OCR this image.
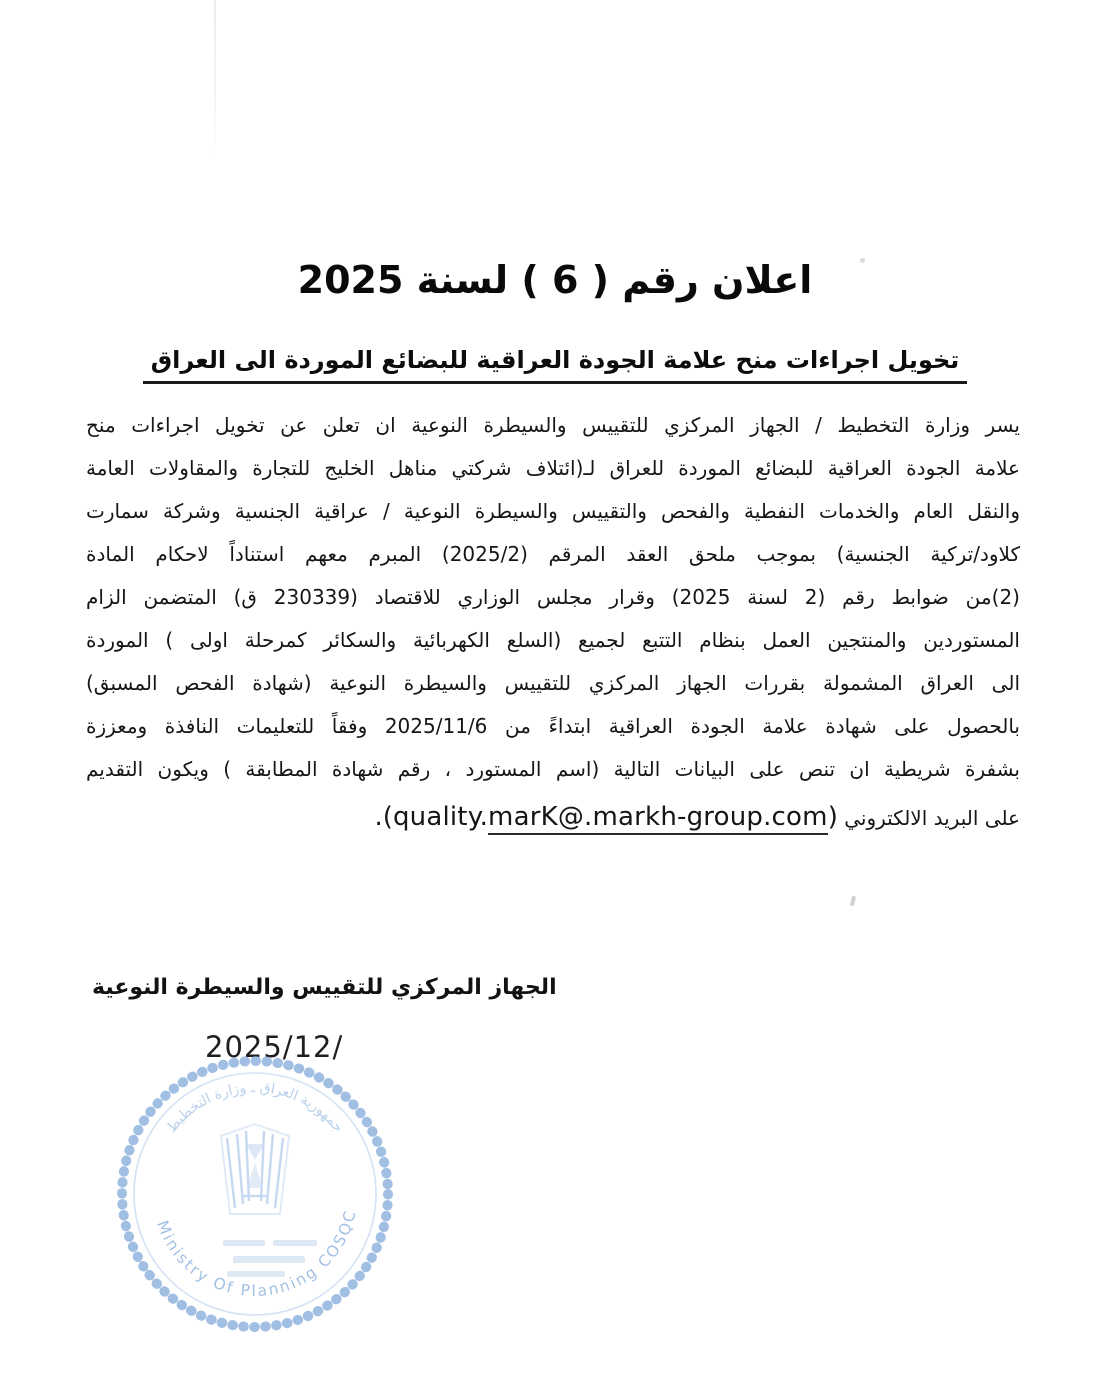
اعلان رقم ( 6 ) لسنة 2025
تخويل اجراءات منح علامة الجودة العراقية للبضائع الموردة الى العراق
يسر وزارة التخطيط / الجهاز المركزي للتقييس والسيطرة النوعية ان تعلن عن تخويل اجراءات منح
علامة الجودة العراقية للبضائع الموردة للعراق لـ(ائتلاف شركتي مناهل الخليج للتجارة والمقاولات العامة
والنقل العام والخدمات النفطية والفحص والتقييس والسيطرة النوعية / عراقية الجنسية وشركة سمارت
كلاود/تركية الجنسية) بموجب ملحق العقد المرقم (2025/2) المبرم معهم استناداً لاحكام المادة
(2)من ضوابط رقم (2 لسنة 2025) وقرار مجلس الوزاري للاقتصاد (230339 ق) المتضمن الزام
المستوردين والمنتجين العمل بنظام التتبع لجميع (السلع الكهربائية والسكائر كمرحلة اولى ) الموردة
الى العراق المشمولة بقررات الجهاز المركزي للتقييس والسيطرة النوعية (شهادة الفحص المسبق)
بالحصول على شهادة علامة الجودة العراقية ابتداءً من 2025/11/6 وفقاً للتعليمات النافذة ومعززة
بشفرة شريطية ان تنص على البيانات التالية (اسم المستورد ، رقم شهادة المطابقة ) ويكون التقديم
على البريد الالكتروني (quality.marK@.markh-group.com).
الجهاز المركزي للتقييس والسيطرة النوعية
2025/12/
جمهورية العراق ـ وزارة التخطيط
Ministry Of Planning COSQC
